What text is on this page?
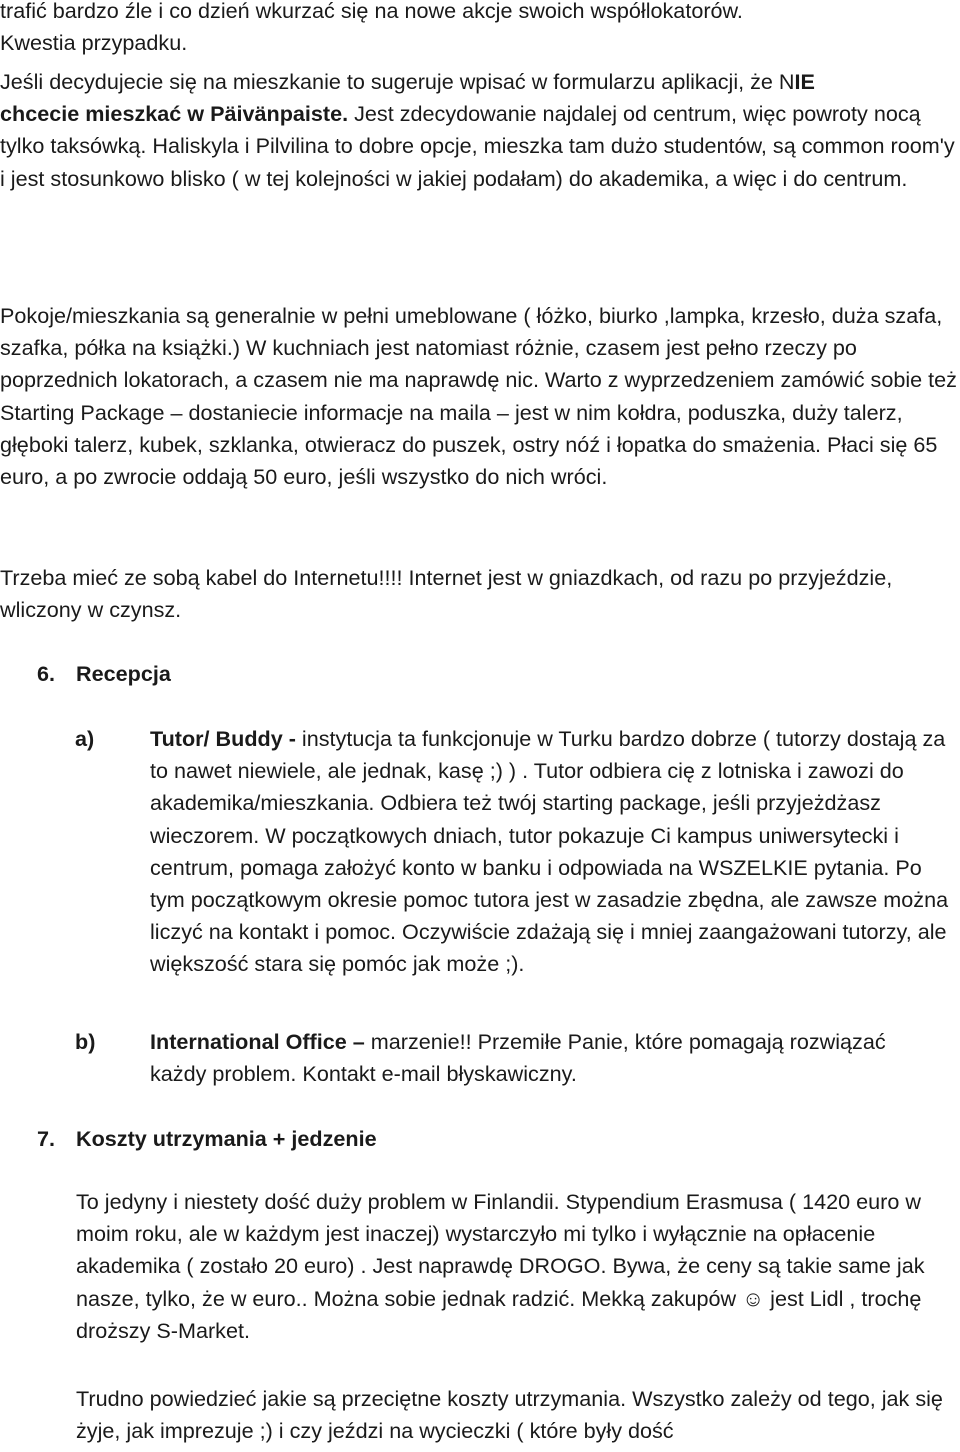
trafić bardzo źle i co dzień wkurzać się na nowe akcje swoich współlokatorów.
Kwestia przypadku.

Jeśli decydujecie się na mieszkanie to sugeruje wpisać w formularzu aplikacji, że NIE
chcecie mieszkać w Päivänpaiste. Jest zdecydowanie najdalej od centrum, więc powroty nocą tylko taksówką. Haliskyla i Pilvilina to dobre opcje, mieszka tam dużo studentów, są common room'y i jest stosunkowo blisko ( w tej kolejności w jakiej podałam) do akademika, a więc i do centrum.

Pokoje/mieszkania są generalnie w pełni umeblowane ( łóżko, biurko ,lampka, krzesło, duża szafa, szafka, półka na książki.) W kuchniach jest natomiast różnie, czasem jest pełno rzeczy po poprzednich lokatorach, a czasem nie ma naprawdę nic. Warto z wyprzedzeniem zamówić sobie też Starting Package – dostaniecie informacje na maila – jest w nim kołdra, poduszka, duży talerz, głęboki talerz, kubek, szklanka, otwieracz do puszek, ostry nóź i łopatka do smażenia. Płaci się 65 euro, a po zwrocie oddają 50 euro, jeśli wszystko do nich wróci.

Trzeba mieć ze sobą kabel do Internetu!!!! Internet jest w gniazdkach, od razu po przyjeździe, wliczony w czynsz.

6. Recepcja
a)	Tutor/ Buddy - instytucja ta funkcjonuje w Turku bardzo dobrze ( tutorzy dostają za to nawet niewiele, ale jednak, kasę ;) ) . Tutor odbiera cię z lotniska i zawozi do akademika/mieszkania. Odbiera też twój starting package, jeśli przyjeżdżasz wieczorem. W początkowych dniach, tutor pokazuje Ci kampus uniwersytecki i centrum, pomaga założyć konto w banku i odpowiada na WSZELKIE pytania. Po tym początkowym okresie pomoc tutora jest w zasadzie zbędna, ale zawsze można liczyć na kontakt i pomoc. Oczywiście zdażają się i mniej zaangażowani tutorzy, ale większość stara się pomóc jak może ;).

b)	International Office – marzenie!! Przemiłe Panie, które pomagają rozwiązać każdy problem. Kontakt e-mail błyskawiczny.

7. Koszty utrzymania + jedzenie

To jedyny i niestety dość duży problem w Finlandii. Stypendium Erasmusa ( 1420 euro w moim roku, ale w każdym jest inaczej) wystarczyło mi tylko i wyłącznie na opłacenie akademika ( zostało 20 euro) . Jest naprawdę DROGO. Bywa, że ceny są takie same jak nasze, tylko, że w euro.. Można sobie jednak radzić. Mekką zakupów ☺ jest Lidl , trochę droższy S-Market.

Trudno powiedzieć jakie są przeciętne koszty utrzymania. Wszystko zależy od tego, jak się żyje, jak imprezuje ;) i czy jeździ na wycieczki ( które były dość
